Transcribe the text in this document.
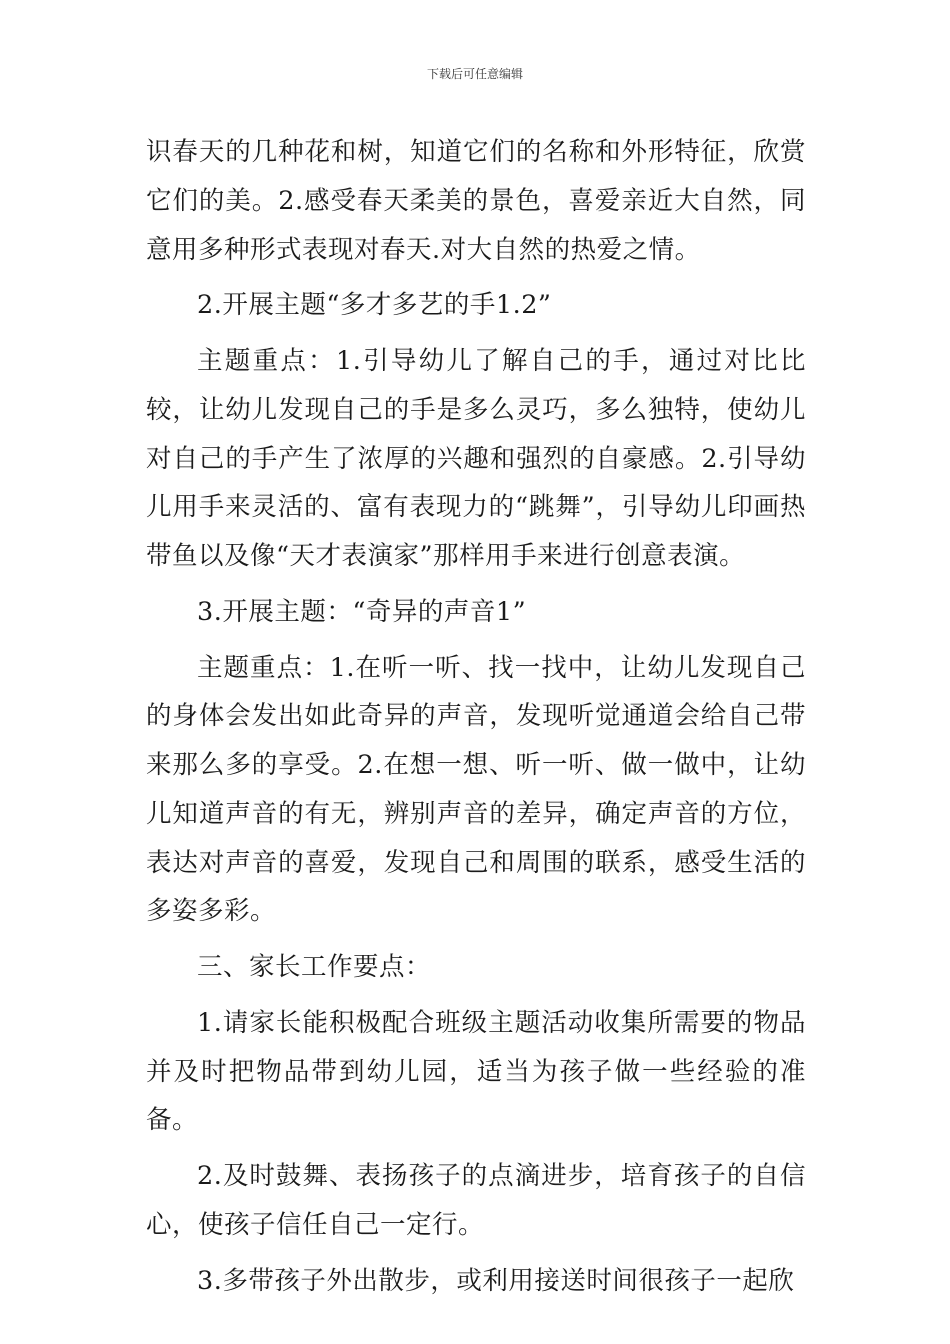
下载后可任意编辑

识春天的几种花和树，知道它们的名称和外形特征，欣赏它们的美。2.感受春天柔美的景色，喜爱亲近大自然，同意用多种形式表现对春天.对大自然的热爱之情。

2.开展主题“多才多艺的手1.2”

主题重点：1.引导幼儿了解自己的手，通过对比比较，让幼儿发现自己的手是多么灵巧，多么独特，使幼儿对自己的手产生了浓厚的兴趣和强烈的自豪感。2.引导幼儿用手来灵活的、富有表现力的“跳舞”，引导幼儿印画热带鱼以及像“天才表演家”那样用手来进行创意表演。

3.开展主题：“奇异的声音1”

主题重点：1.在听一听、找一找中，让幼儿发现自己的身体会发出如此奇异的声音，发现听觉通道会给自己带来那么多的享受。2.在想一想、听一听、做一做中，让幼儿知道声音的有无，辨别声音的差异，确定声音的方位，表达对声音的喜爱，发现自己和周围的联系，感受生活的多姿多彩。

三、家长工作要点：

1.请家长能积极配合班级主题活动收集所需要的物品并及时把物品带到幼儿园，适当为孩子做一些经验的准备。

2.及时鼓舞、表扬孩子的点滴进步，培育孩子的自信心，使孩子信任自己一定行。

3.多带孩子外出散步，或利用接送时间很孩子一起欣
